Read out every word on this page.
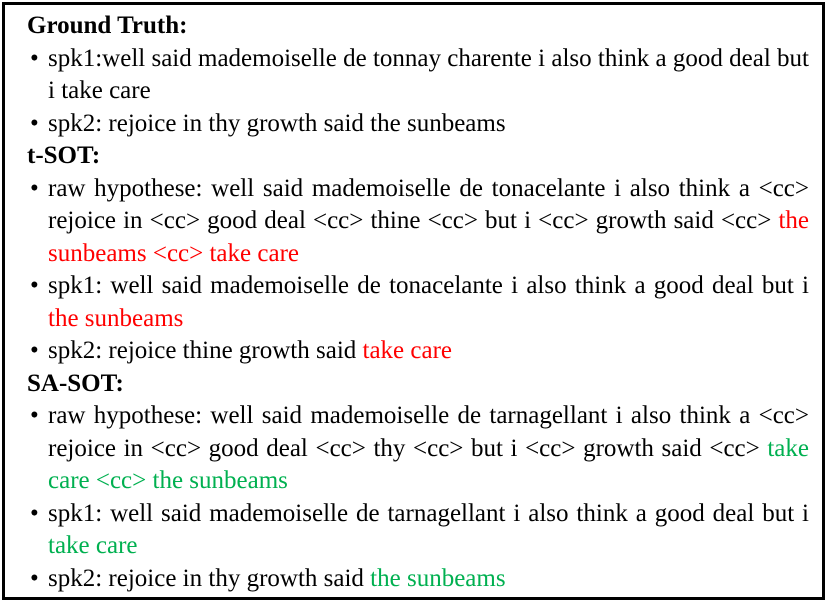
Ground Truth:
• spk1:well said mademoiselle de tonnay charente i also think a good deal but i take care
• spk2: rejoice in thy growth said the sunbeams
t-SOT:
• raw hypothese: well said mademoiselle de tonacelante i also think a <cc> rejoice in <cc> good deal <cc> thine <cc> but i <cc> growth said <cc> the sunbeams <cc> take care
• spk1: well said mademoiselle de tonacelante i also think a good deal but i the sunbeams
• spk2: rejoice thine growth said take care
SA-SOT:
• raw hypothese: well said mademoiselle de tarnagellant i also think a <cc> rejoice in <cc> good deal <cc> thy <cc> but i <cc> growth said <cc> take care <cc> the sunbeams
• spk1: well said mademoiselle de tarnagellant i also think a good deal but i take care
• spk2: rejoice in thy growth said the sunbeams
